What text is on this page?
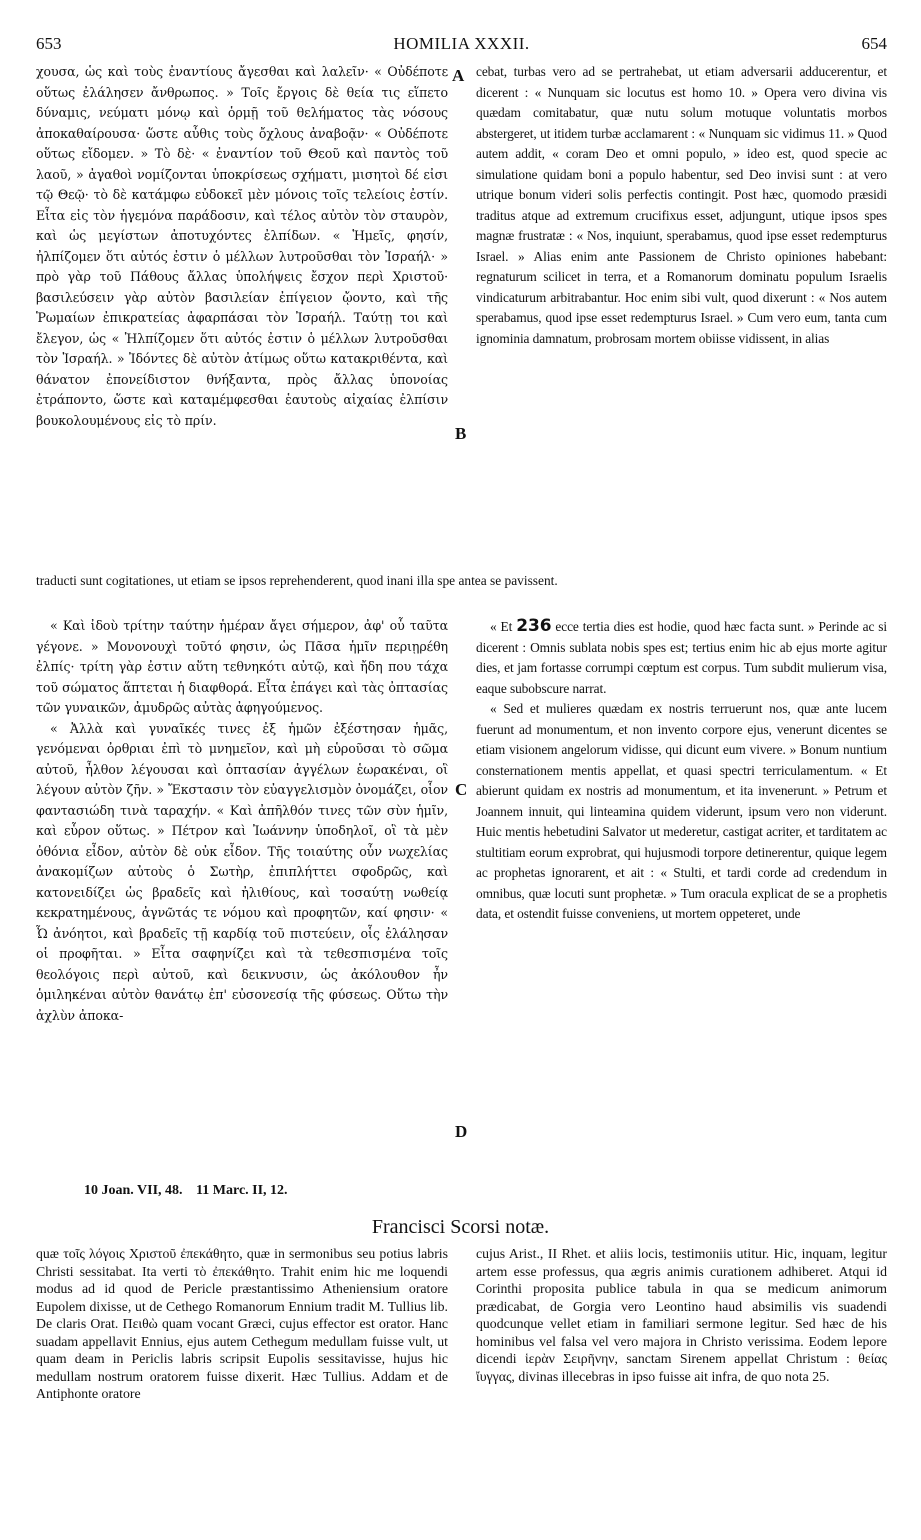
653	HOMILIA XXXII.	654

χουσα, ὡς καὶ τοὺς ἐναντίους ἄγεσθαι καὶ λαλεῖν· « Οὐδέποτε οὕτως ἐλάλησεν ἄνθρωπος. » Τοῖς ἔργοις δὲ θεία τις εἵπετο δύναμις, νεύματι μόνῳ καὶ ὁρμῇ τοῦ θελήματος τὰς νόσους ἀποκαθαίρουσα· ὥστε αὖθις τοὺς ὄχλους ἀναβοᾷν· « Οὐδέποτε οὕτως εἴδομεν. » Τὸ δὲ· « ἐναντίον τοῦ Θεοῦ καὶ παντὸς τοῦ λαοῦ, » ἀγαθοὶ νομίζονται ὑποκρίσεως σχήματι, μισητοὶ δέ εἰσι τῷ Θεῷ· τὸ δὲ κατάμφω εὐδοκεῖ μὲν μόνοις τοῖς τελείοις ἐστίν. Εἶτα εἰς τὸν ἡγεμόνα παράδοσιν, καὶ τέλος αὐτὸν τὸν σταυρὸν, καὶ ὡς μεγίστων ἀποτυχόντες ἐλπίδων. « Ἡμεῖς, φησίν, ἠλπίζομεν ὅτι αὐτός ἐστιν ὁ μέλλων λυτροῦσθαι τὸν Ἰσραήλ· » πρὸ γὰρ τοῦ Πάθους ἄλλας ὑπολήψεις ἔσχον περὶ Χριστοῦ· βασιλεύσειν γὰρ αὐτὸν βασιλείαν ἐπίγειον ᾤοντο, καὶ τῆς Ῥωμαίων ἐπικρατείας ἀφαρπάσαι τὸν Ἰσραήλ. Ταύτῃ τοι καὶ ἔλεγον, ὡς « Ἠλπίζομεν ὅτι αὐτός ἐστιν ὁ μέλλων λυτροῦσθαι τὸν Ἰσραήλ. » Ἰδόντες δὲ αὐτὸν ἀτίμως οὕτω κατακριθέντα, καὶ θάνατον ἐπονείδιστον θνήξαντα, πρὸς ἄλλας ὑπονοίας ἐτράποντο, ὥστε καὶ καταμέμφεσθαι ἑαυτοὺς αἰχαίας ἐλπίσιν βουκολουμένους εἰς τὸ πρίν.

cebat, turbas vero ad se pertrahebat, ut etiam adversarii adducerentur, et dicerent : « Nunquam sic locutus est homo 10. » Opera vero divina vis quædam comitabatur, quæ nutu solum motuque voluntatis morbos abstergeret, ut itidem turbæ acclamarent : « Nunquam sic vidimus 11. » Quod autem addit, « coram Deo et omni populo, » ideo est, quod specie ac simulatione quidam boni a populo habentur, sed Deo invisi sunt : at vero utrique bonum videri solis perfectis contingit. Post hæc, quomodo præsidi traditus atque ad extremum crucifixus esset, adjungunt, utique ipsos spes magnæ frustratæ : « Nos, inquiunt, sperabamus, quod ipse esset redempturus Israel. » Alias enim ante Passionem de Christo opiniones habebant: regnaturum scilicet in terra, et a Romanorum dominatu populum Israelis vindicaturum arbitrabantur. Hoc enim sibi vult, quod dixerunt : « Nos autem sperabamus, quod ipse esset redempturus Israel. » Cum vero eum, tanta cum ignominia damnatum, probrosam mortem obiisse vidissent, in alias

A
B
C
D
traducti sunt cogitationes, ut etiam se ipsos reprehenderent, quod inani illa spe antea se pavissent.

« Καὶ ἰδοὺ τρίτην ταύτην ἡμέραν ἄγει σήμερον, ἀφ' οὗ ταῦτα γέγονε. » Μονονουχὶ τοῦτό φησιν, ὡς Πᾶσα ἡμῖν περιῃρέθη ἐλπίς· τρίτη γὰρ ἐστιν αὕτη τεθνηκότι αὐτῷ, καὶ ἤδη που τάχα τοῦ σώματος ἅπτεται ἡ διαφθορά. Εἶτα ἐπάγει καὶ τὰς ὀπτασίας τῶν γυναικῶν, ἀμυδρῶς αὐτὰς ἀφηγούμενος.

« Ἀλλὰ καὶ γυναῖκές τινες ἐξ ἡμῶν ἐξέστησαν ἡμᾶς, γενόμεναι ὀρθριαι ἐπὶ τὸ μνημεῖον, καὶ μὴ εὑροῦσαι τὸ σῶμα αὐτοῦ, ἦλθον λέγουσαι καὶ ὀπτασίαν ἀγγέλων ἑωρακέναι, οἳ λέγουν αὐτὸν ζῆν. » Ἔκστασιν τὸν εὐαγγελισμὸν ὀνομάζει, οἷον φαντασιώδη τινὰ ταραχήν. « Καὶ ἀπῆλθόν τινες τῶν σὺν ἡμῖν, καὶ εὗρον οὕτως. » Πέτρον καὶ Ἰωάννην ὑποδηλοῖ, οἳ τὰ μὲν ὀθόνια εἶδον, αὐτὸν δὲ οὐκ εἶδον. Τῆς τοιαύτης οὖν νωχελίας ἀνακομίζων αὐτοὺς ὁ Σωτὴρ, ἐπιπλήττει σφοδρῶς, καὶ κατονειδίζει ὡς βραδεῖς καὶ ἠλιθίους, καὶ τοσαύτῃ νωθείᾳ κεκρατημένους, ἀγνῶτάς τε νόμου καὶ προφητῶν, καί φησιν· « Ὦ ἀνόητοι, καὶ βραδεῖς τῇ καρδίᾳ τοῦ πιστεύειν, οἷς ἐλάλησαν οἱ προφῆται. » Εἶτα σαφηνίζει καὶ τὰ τεθεσπισμένα τοῖς θεολόγοις περὶ αὐτοῦ, καὶ δεικνυσιν, ὡς ἀκόλουθον ἦν ὁμιληκέναι αὐτὸν θανάτῳ ἐπ' εὐσονεσίᾳ τῆς φύσεως. Οὕτω τὴν ἀχλὺν ἀποκα-

« Et 236 ecce tertia dies est hodie, quod hæc facta sunt. » Perinde ac si dicerent : Omnis sublata nobis spes est; tertius enim hic ab ejus morte agitur dies, et jam fortasse corrumpi cœptum est corpus. Tum subdit mulierum visa, eaque subobscure narrat.

« Sed et mulieres quædam ex nostris terruerunt nos, quæ ante lucem fuerunt ad monumentum, et non invento corpore ejus, venerunt dicentes se etiam visionem angelorum vidisse, qui dicunt eum vivere. » Bonum nuntium consternationem mentis appellat, et quasi spectri terriculamentum. « Et abierunt quidam ex nostris ad monumentum, et ita invenerunt. » Petrum et Joannem innuit, qui linteamina quidem viderunt, ipsum vero non viderunt. Huic mentis hebetudini Salvator ut mederetur, castigat acriter, et tarditatem ac stultitiam eorum exprobrat, qui hujusmodi torpore detinerentur, quique legem ac prophetas ignorarent, et ait : « Stulti, et tardi corde ad credendum in omnibus, quæ locuti sunt prophetæ. » Tum oracula explicat de se a prophetis data, et ostendit fuisse conveniens, ut mortem oppeteret, unde

10 Joan. VII, 48. 11 Marc. II, 12.
Francisci Scorsi notæ.

quæ τοῖς λόγοις Χριστοῦ ἐπεκάθητο, quæ in sermonibus seu potius labris Christi sessitabat. Ita verti τὸ ἐπεκάθητο. Trahit enim hic me loquendi modus ad id quod de Pericle præstantissimo Atheniensium oratore Eupolem dixisse, ut de Cethego Romanorum Ennium tradit M. Tullius lib. De claris Orat. Πειθὼ quam vocant Græci, cujus effector est orator. Hanc suadam appellavit Ennius, ejus autem Cethegum medullam fuisse vult, ut quam deam in Periclis labris scripsit Eupolis sessitavisse, hujus hic medullam nostrum oratorem fuisse dixerit. Hæc Tullius. Addam et de Antiphonte oratore

cujus Arist., II Rhet. et aliis locis, testimoniis utitur. Hic, inquam, legitur artem esse professus, qua ægris animis curationem adhiberet. Atqui id Corinthi proposita publice tabula in qua se medicum animorum prædicabat, de Gorgia vero Leontino haud absimilis vis suadendi quodcunque vellet etiam in familiari sermone legitur. Sed hæc de his hominibus vel falsa vel vero majora in Christo verissima. Eodem lepore dicendi ἱερὰν Σειρῆνην, sanctam Sirenem appellat Christum : θείας ἴυγγας, divinas illecebras in ipso fuisse ait infra, de quo nota 25.
